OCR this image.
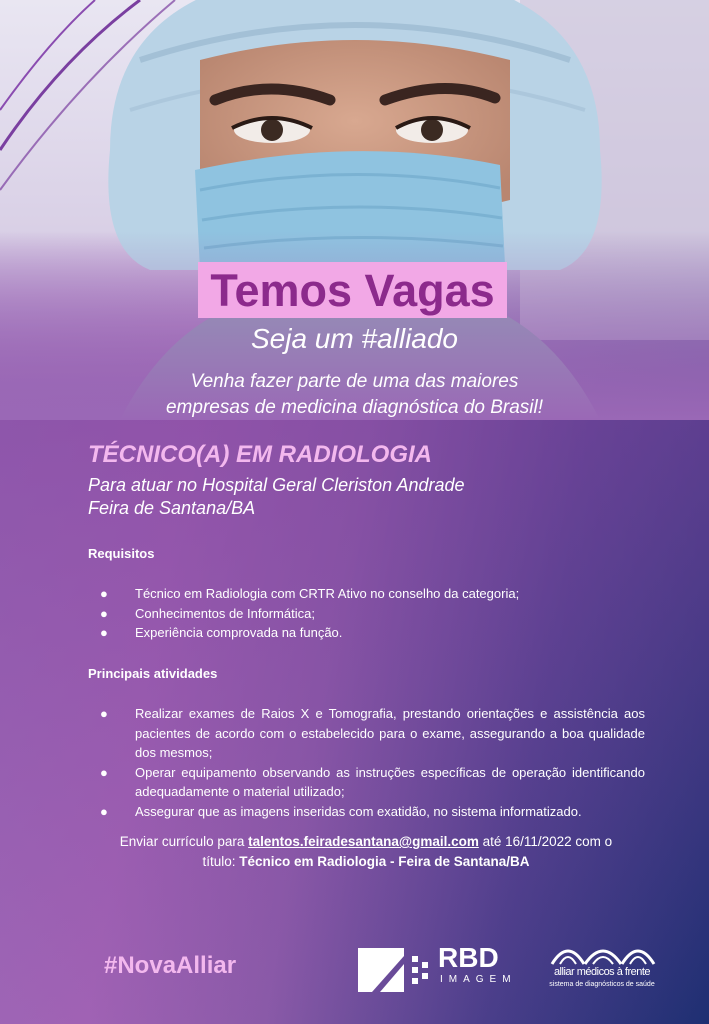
Temos Vagas
Seja um #alliado
Venha fazer parte de uma das maiores
empresas de medicina diagnóstica do Brasil!
TÉCNICO(A) EM RADIOLOGIA
Para atuar no Hospital Geral Cleriston Andrade
Feira de Santana/BA
Requisitos
● Técnico em Radiologia com CRTR Ativo no conselho da categoria;
● Conhecimentos de Informática;
● Experiência comprovada na função.
Principais atividades
● Realizar exames de Raios X e Tomografia, prestando orientações e assistência aos pacientes de acordo com o estabelecido para o exame, assegurando a boa qualidade dos mesmos;
● Operar equipamento observando as instruções específicas de operação identificando adequadamente o material utilizado;
● Assegurar que as imagens inseridas com exatidão, no sistema informatizado.
Enviar currículo para talentos.feiradesantana@gmail.com até 16/11/2022 com o
título: Técnico em Radiologia - Feira de Santana/BA
#NovaAlliar	RBD
IMAGEM
alliar médicos à frente
sistema de diagnósticos de saúde
